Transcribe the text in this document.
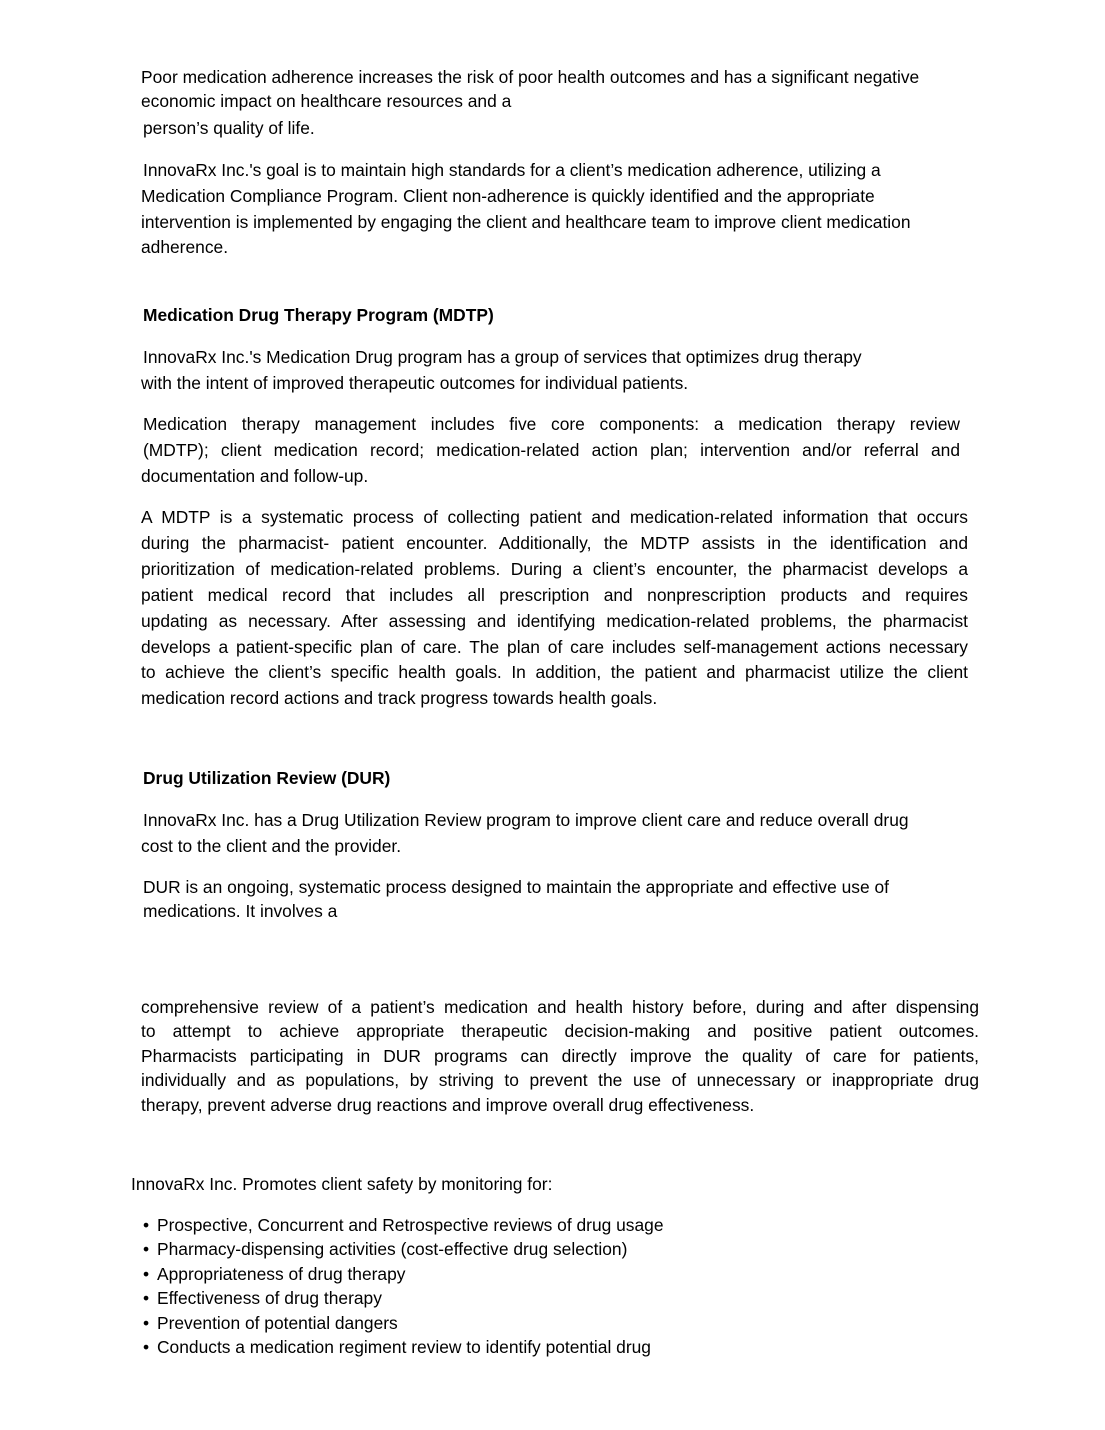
Poor medication adherence increases the risk of poor health outcomes and has a significant negative
economic impact on healthcare resources and a
person’s quality of life.
InnovaRx Inc.'s goal is to maintain high standards for a client’s medication adherence, utilizing a
Medication Compliance Program. Client non-adherence is quickly identified and the appropriate
intervention is implemented by engaging the client and healthcare team to improve client medication
adherence.
Medication Drug Therapy Program (MDTP)
InnovaRx Inc.'s Medication Drug program has a group of services that optimizes drug therapy
with the intent of improved therapeutic outcomes for individual patients.
Medication therapy management includes five core components: a medication therapy review
(MDTP); client medication record; medication-related action plan; intervention and/or referral and
documentation and follow-up.
A MDTP is a systematic process of collecting patient and medication-related information that occurs
during the pharmacist- patient encounter. Additionally, the MDTP assists in the identification and
prioritization of medication-related problems. During a client’s encounter, the pharmacist develops a
patient medical record that includes all prescription and nonprescription products and requires
updating as necessary. After assessing and identifying medication-related problems, the pharmacist
develops a patient-specific plan of care. The plan of care includes self-management actions necessary
to achieve the client’s specific health goals. In addition, the patient and pharmacist utilize the client
medication record actions and track progress towards health goals.
Drug Utilization Review (DUR)
InnovaRx Inc. has a Drug Utilization Review program to improve client care and reduce overall drug
cost to the client and the provider.
DUR is an ongoing, systematic process designed to maintain the appropriate and effective use of
medications. It involves a
comprehensive review of a patient’s medication and health history before, during and after dispensing
to attempt to achieve appropriate therapeutic decision-making and positive patient outcomes.
Pharmacists participating in DUR programs can directly improve the quality of care for patients,
individually and as populations, by striving to prevent the use of unnecessary or inappropriate drug
therapy, prevent adverse drug reactions and improve overall drug effectiveness.
InnovaRx Inc. Promotes client safety by monitoring for:
• Prospective, Concurrent and Retrospective reviews of drug usage
• Pharmacy-dispensing activities (cost-effective drug selection)
• Appropriateness of drug therapy
• Effectiveness of drug therapy
• Prevention of potential dangers
• Conducts a medication regiment review to identify potential drug
